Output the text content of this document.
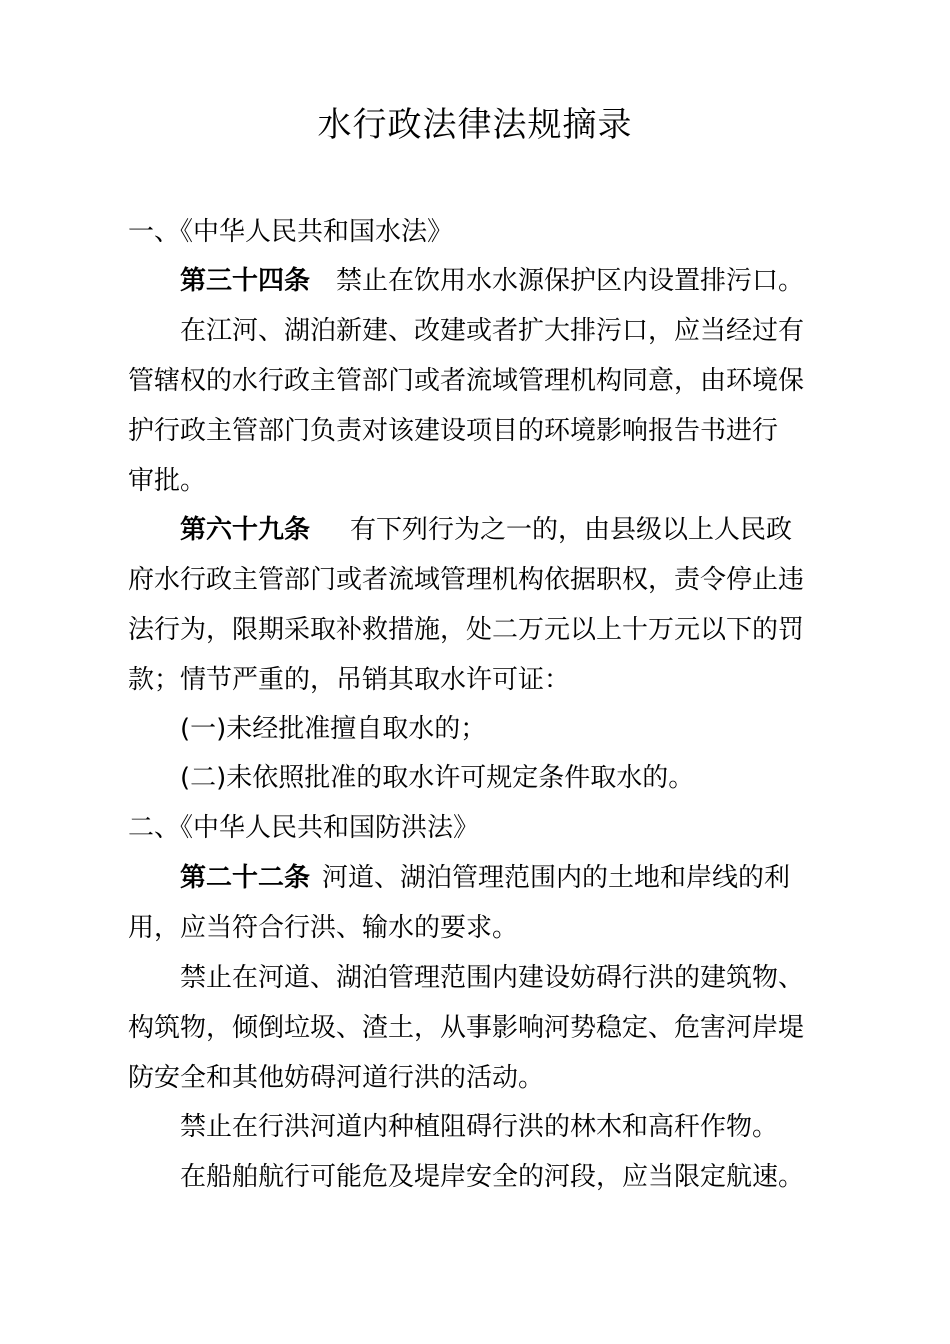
水行政法律法规摘录
一、《中华人民共和国水法》
第三十四条 禁止在饮用水水源保护区内设置排污口。
在江河、湖泊新建、改建或者扩大排污口，应当经过有
管辖权的水行政主管部门或者流域管理机构同意，由环境保
护行政主管部门负责对该建设项目的环境影响报告书进行
审批。
第六十九条 有下列行为之一的，由县级以上人民政
府水行政主管部门或者流域管理机构依据职权，责令停止违
法行为，限期采取补救措施，处二万元以上十万元以下的罚
款；情节严重的，吊销其取水许可证：
(一)未经批准擅自取水的；
(二)未依照批准的取水许可规定条件取水的。
二、《中华人民共和国防洪法》
第二十二条 河道、湖泊管理范围内的土地和岸线的利
用，应当符合行洪、输水的要求。
禁止在河道、湖泊管理范围内建设妨碍行洪的建筑物、
构筑物，倾倒垃圾、渣土，从事影响河势稳定、危害河岸堤
防安全和其他妨碍河道行洪的活动。
禁止在行洪河道内种植阻碍行洪的林木和高秆作物。
在船舶航行可能危及堤岸安全的河段，应当限定航速。
